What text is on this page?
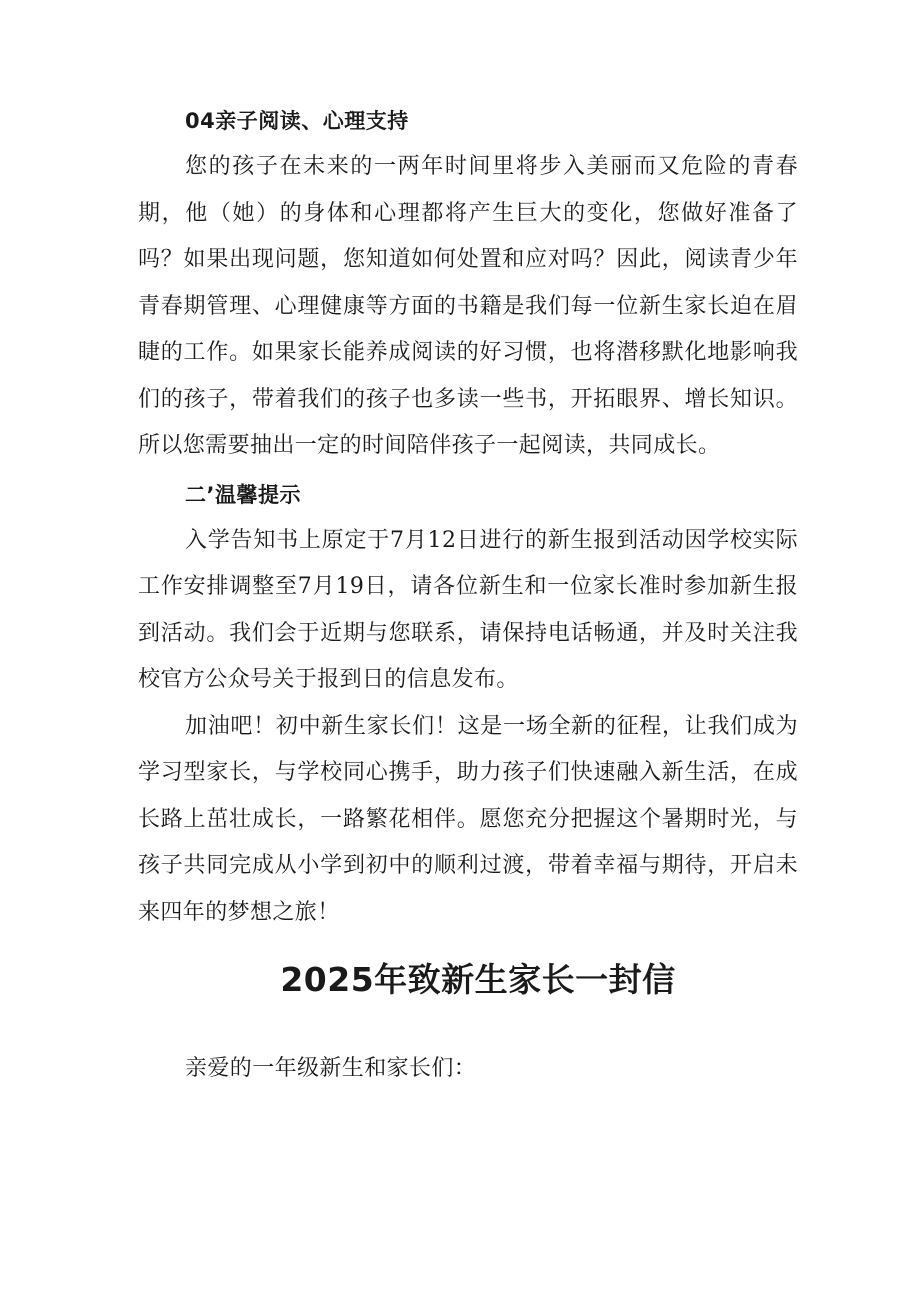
04亲子阅读、心理支持

您的孩子在未来的一两年时间里将步入美丽而又危险的青春期，他（她）的身体和心理都将产生巨大的变化，您做好准备了吗？如果出现问题，您知道如何处置和应对吗？因此，阅读青少年青春期管理、心理健康等方面的书籍是我们每一位新生家长迫在眉睫的工作。如果家长能养成阅读的好习惯，也将潜移默化地影响我们的孩子，带着我们的孩子也多读一些书，开拓眼界、增长知识。所以您需要抽出一定的时间陪伴孩子一起阅读，共同成长。

二’温馨提示

入学告知书上原定于7月12日进行的新生报到活动因学校实际工作安排调整至7月19日，请各位新生和一位家长准时参加新生报到活动。我们会于近期与您联系，请保持电话畅通，并及时关注我校官方公众号关于报到日的信息发布。

加油吧！初中新生家长们！这是一场全新的征程，让我们成为学习型家长，与学校同心携手，助力孩子们快速融入新生活，在成长路上茁壮成长，一路繁花相伴。愿您充分把握这个暑期时光，与孩子共同完成从小学到初中的顺利过渡，带着幸福与期待，开启未来四年的梦想之旅！

2025年致新生家长一封信

亲爱的一年级新生和家长们：
